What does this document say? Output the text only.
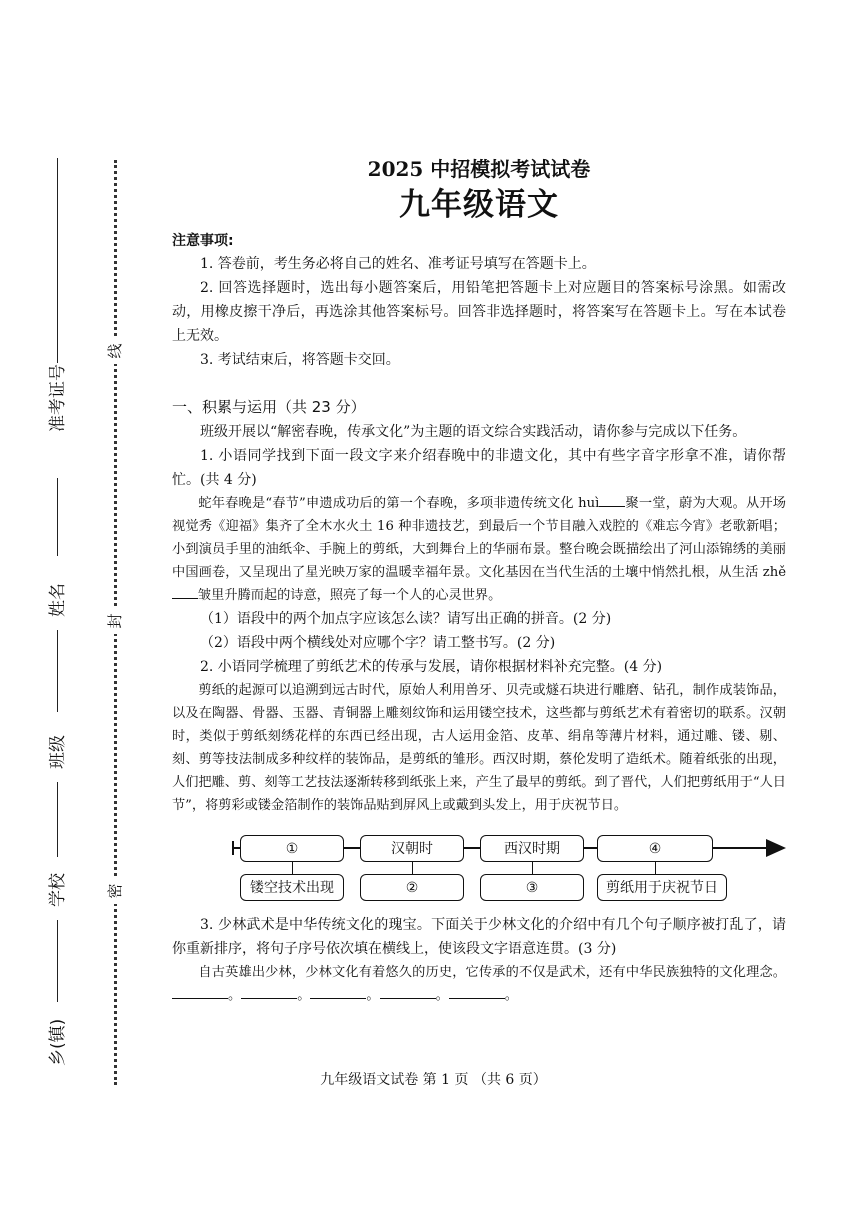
准考证号
姓名
班级
学校
乡(镇)
线
封
密
2025 中招模拟考试试卷
九年级语文
注意事项:

1. 答卷前，考生务必将自己的姓名、准考证号填写在答题卡上。

2. 回答选择题时，选出每小题答案后，用铅笔把答题卡上对应题目的答案标号涂黑。如需改动，用橡皮擦干净后，再选涂其他答案标号。回答非选择题时，将答案写在答题卡上。写在本试卷上无效。

3. 考试结束后，将答题卡交回。

一、积累与运用（共 23 分）

班级开展以“解密春晚，传承文化”为主题的语文综合实践活动，请你参与完成以下任务。

1. 小语同学找到下面一段文字来介绍春晚中的非遗文化，其中有些字音字形拿不准，请你帮忙。(共 4 分)

蛇年春晚是“春节”申遗成功后的第一个春晚，多项非遗传统文化 huì 聚一堂，蔚为大观。从开场视觉秀《迎福》集齐了全木水火土 16 种非遗技艺，到最后一个节目融入戏腔的《难忘今宵》老歌新唱；小到演员手里的油纸伞、手腕上的剪纸，大到舞台上的华丽布景。整台晚会既描绘出了河山添锦绣的美丽中国画卷，又呈现出了星光映万家的温暖幸福年景。文化基因在当代生活的土壤中悄然扎根，从生活 zhě皱里升腾而起的诗意，照亮了每一个人的心灵世界。

（1）语段中的两个加点字应该怎么读？请写出正确的拼音。(2 分)

（2）语段中两个横线处对应哪个字？请工整书写。(2 分)

2. 小语同学梳理了剪纸艺术的传承与发展，请你根据材料补充完整。(4 分)

剪纸的起源可以追溯到远古时代，原始人利用兽牙、贝壳或燧石块进行雕磨、钻孔，制作成装饰品，以及在陶器、骨器、玉器、青铜器上雕刻纹饰和运用镂空技术，这些都与剪纸艺术有着密切的联系。汉朝时，类似于剪纸刻绣花样的东西已经出现，古人运用金箔、皮革、绢帛等薄片材料，通过雕、镂、剔、刻、剪等技法制成多种纹样的装饰品，是剪纸的雏形。西汉时期，蔡伦发明了造纸术。随着纸张的出现，人们把雕、剪、刻等工艺技法逐渐转移到纸张上来，产生了最早的剪纸。到了晋代，人们把剪纸用于“人日节”，将剪彩或镂金箔制作的装饰品贴到屏风上或戴到头发上，用于庆祝节日。

①	汉朝时	西汉时期	④
镂空技术出现	②	③	剪纸用于庆祝节日

3. 少林武术是中华传统文化的瑰宝。下面关于少林文化的介绍中有几个句子顺序被打乱了，请你重新排序，将句子序号依次填在横线上，使该段文字语意连贯。(3 分)

自古英雄出少林，少林文化有着悠久的历史，它传承的不仅是武术，还有中华民族独特的文化理念。。	。	。	。	。

九年级语文试卷 第 1 页 （共 6 页）
